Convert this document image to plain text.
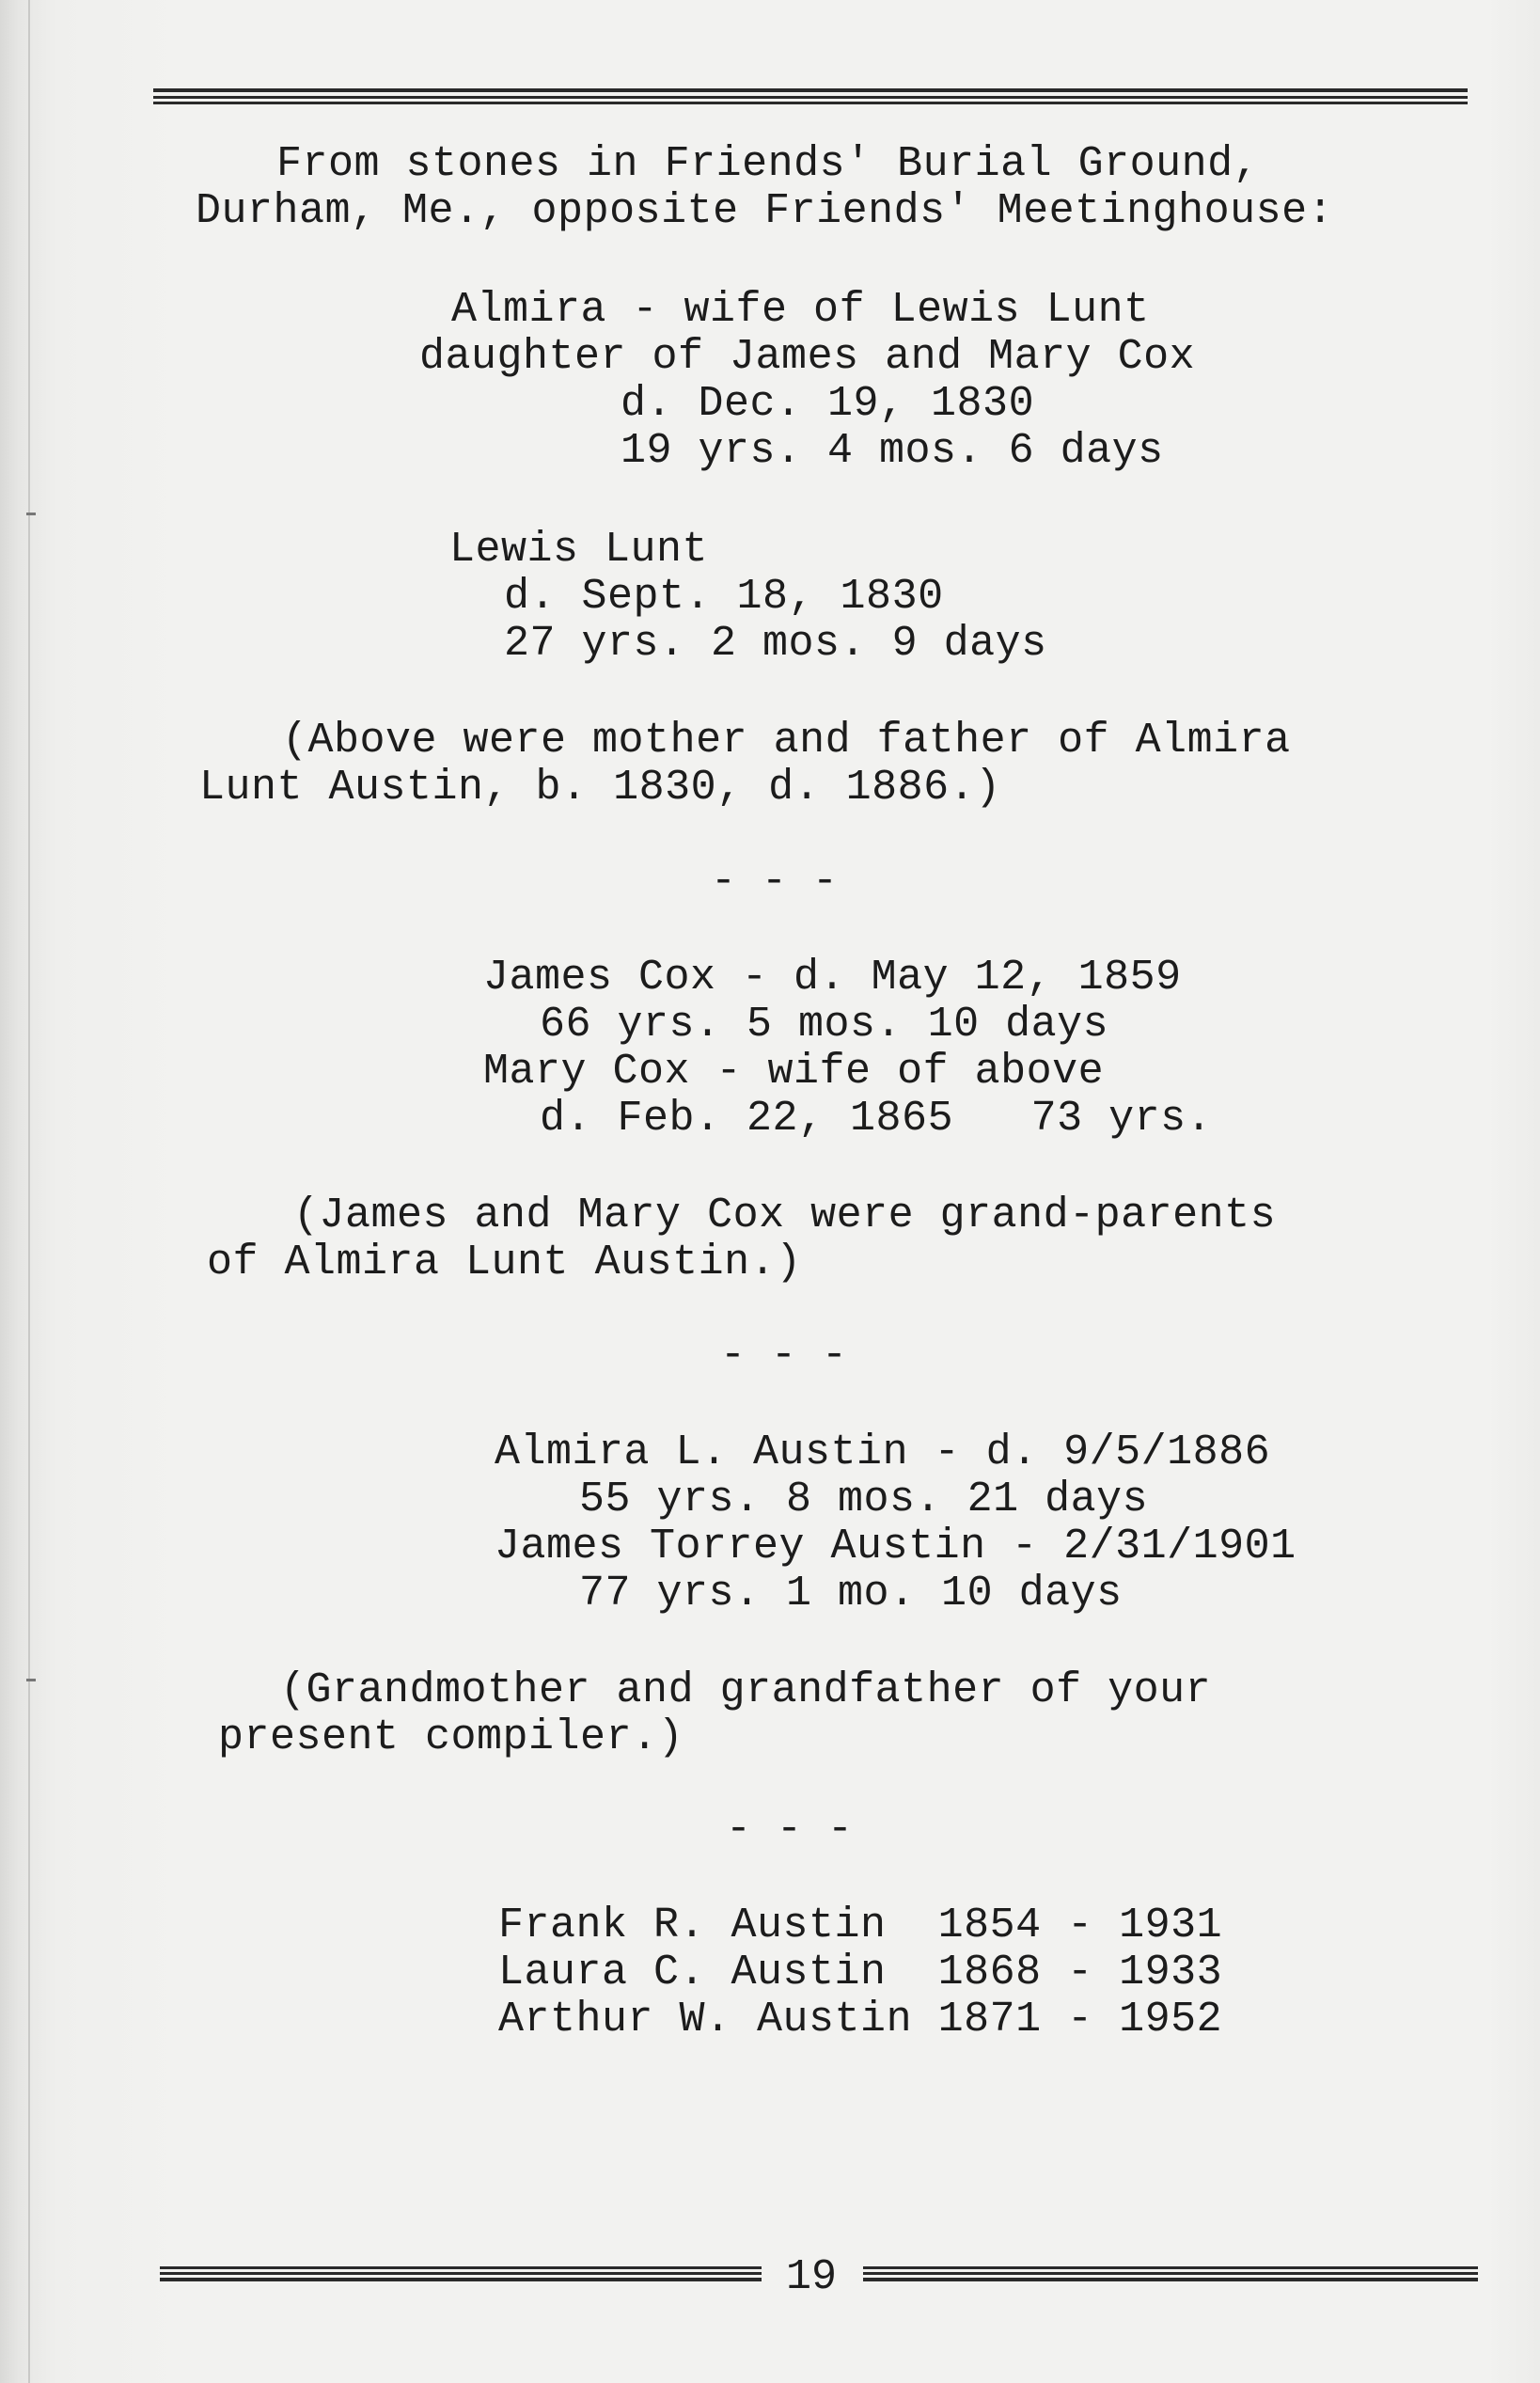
From stones in Friends' Burial Ground,
Durham, Me., opposite Friends' Meetinghouse:
Almira - wife of Lewis Lunt
daughter of James and Mary Cox
d. Dec. 19, 1830
19 yrs. 4 mos. 6 days
Lewis Lunt
d. Sept. 18, 1830
27 yrs. 2 mos. 9 days
(Above were mother and father of Almira
Lunt Austin, b. 1830, d. 1886.)
- - -
James Cox - d. May 12, 1859
66 yrs. 5 mos. 10 days
Mary Cox - wife of above
d. Feb. 22, 1865   73 yrs.
(James and Mary Cox were grand-parents
of Almira Lunt Austin.)
- - -
Almira L. Austin - d. 9/5/1886
55 yrs. 8 mos. 21 days
James Torrey Austin - 2/31/1901
77 yrs. 1 mo. 10 days
(Grandmother and grandfather of your
present compiler.)
- - -
Frank R. Austin  1854 - 1931
Laura C. Austin  1868 - 1933
Arthur W. Austin 1871 - 1952
19
